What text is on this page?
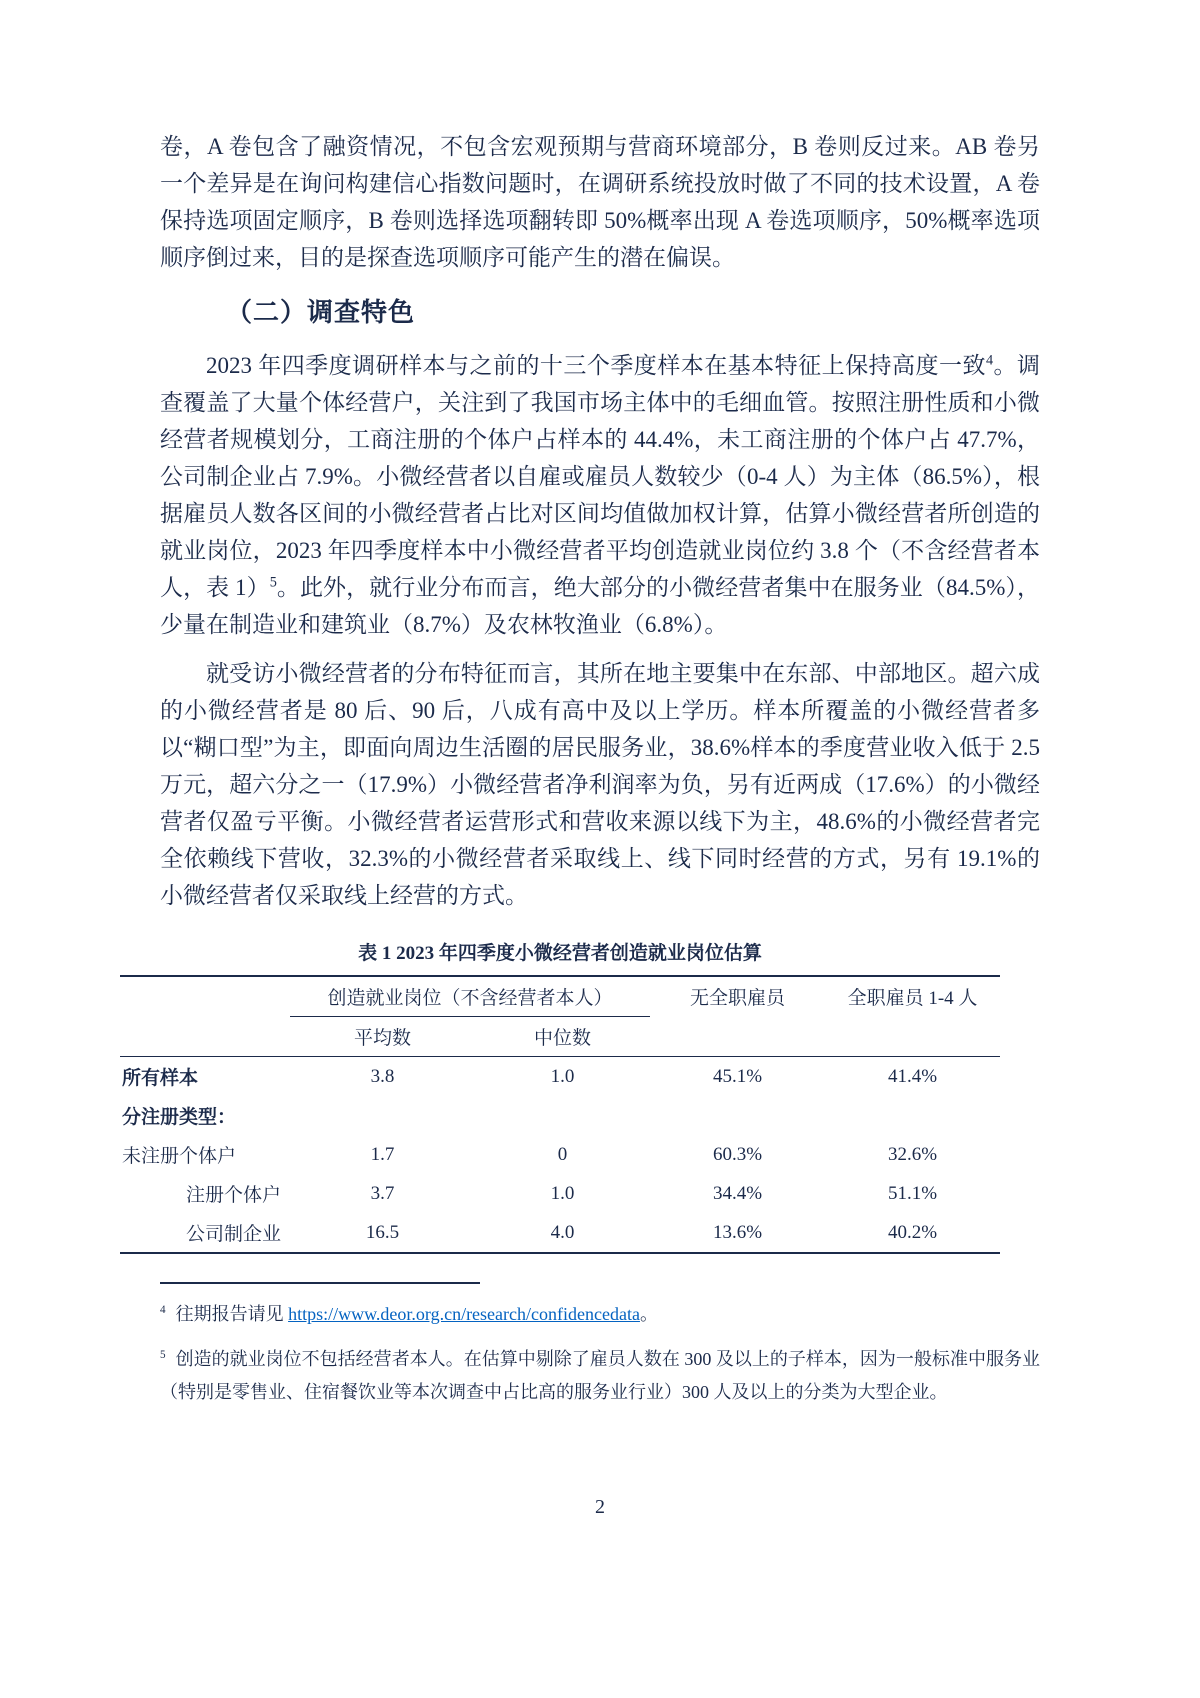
卷，A 卷包含了融资情况，不包含宏观预期与营商环境部分，B 卷则反过来。AB 卷另一个差异是在询问构建信心指数问题时，在调研系统投放时做了不同的技术设置，A 卷保持选项固定顺序，B 卷则选择选项翻转即 50%概率出现 A 卷选项顺序，50%概率选项顺序倒过来，目的是探查选项顺序可能产生的潜在偏误。

（二）调查特色

2023 年四季度调研样本与之前的十三个季度样本在基本特征上保持高度一致$^4$。调查覆盖了大量个体经营户，关注到了我国市场主体中的毛细血管。按照注册性质和小微经营者规模划分，工商注册的个体户占样本的 44.4%，未工商注册的个体户占 47.7%，公司制企业占 7.9%。小微经营者以自雇或雇员人数较少（0-4 人）为主体（86.5%），根据雇员人数各区间的小微经营者占比对区间均值做加权计算，估算小微经营者所创造的就业岗位，2023 年四季度样本中小微经营者平均创造就业岗位约 3.8 个（不含经营者本人，表 1）$^5$。此外，就行业分布而言，绝大部分的小微经营者集中在服务业（84.5%），少量在制造业和建筑业（8.7%）及农林牧渔业（6.8%）。

就受访小微经营者的分布特征而言，其所在地主要集中在东部、中部地区。超六成的小微经营者是 80 后、90 后，八成有高中及以上学历。样本所覆盖的小微经营者多以“糊口型”为主，即面向周边生活圈的居民服务业，38.6%样本的季度营业收入低于 2.5 万元，超六分之一（17.9%）小微经营者净利润率为负，另有近两成（17.6%）的小微经营者仅盈亏平衡。小微经营者运营形式和营收来源以线下为主，48.6%的小微经营者完全依赖线下营收，32.3%的小微经营者采取线上、线下同时经营的方式，另有 19.1%的小微经营者仅采取线上经营的方式。

表 1 2023 年四季度小微经营者创造就业岗位估算
	创造就业岗位（不含经营者本人）		无全职雇员	全职雇员 1-4 人
	平均数	中位数		
所有样本	3.8	1.0	45.1%	41.4%
分注册类型：				
未注册个体户	1.7	0	60.3%	32.6%
注册个体户	3.7	1.0	34.4%	51.1%
公司制企业	16.5	4.0	13.6%	40.2%

$^4$ 往期报告请见 https://www.deor.org.cn/research/confidencedata。

$^5$ 创造的就业岗位不包括经营者本人。在估算中剔除了雇员人数在 300 及以上的子样本，因为一般标准中服务业（特别是零售业、住宿餐饮业等本次调查中占比高的服务业行业）300 人及以上的分类为大型企业。

2
